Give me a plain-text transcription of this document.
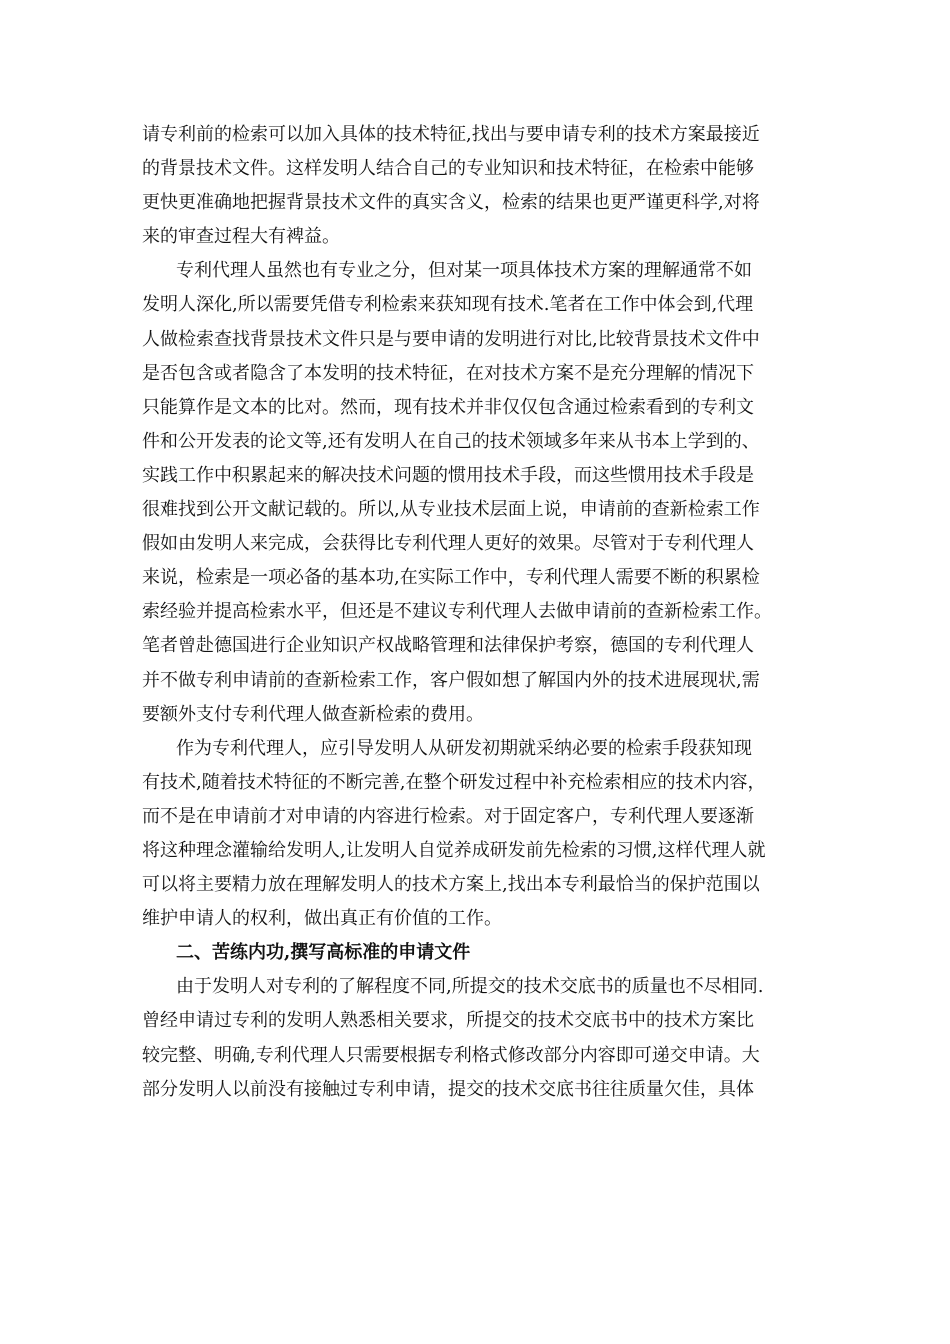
请专利前的检索可以加入具体的技术特征,找出与要申请专利的技术方案最接近
的背景技术文件。这样发明人结合自己的专业知识和技术特征，在检索中能够
更快更准确地把握背景技术文件的真实含义，检索的结果也更严谨更科学,对将
来的审查过程大有裨益。
专利代理人虽然也有专业之分，但对某一项具体技术方案的理解通常不如
发明人深化,所以需要凭借专利检索来获知现有技术.笔者在工作中体会到,代理
人做检索查找背景技术文件只是与要申请的发明进行对比,比较背景技术文件中
是否包含或者隐含了本发明的技术特征，在对技术方案不是充分理解的情况下
只能算作是文本的比对。然而，现有技术并非仅仅包含通过检索看到的专利文
件和公开发表的论文等,还有发明人在自己的技术领域多年来从书本上学到的、
实践工作中积累起来的解决技术问题的惯用技术手段，而这些惯用技术手段是
很难找到公开文献记载的。所以,从专业技术层面上说，申请前的查新检索工作
假如由发明人来完成，会获得比专利代理人更好的效果。尽管对于专利代理人
来说，检索是一项必备的基本功,在实际工作中，专利代理人需要不断的积累检
索经验并提高检索水平，但还是不建议专利代理人去做申请前的查新检索工作。
笔者曾赴德国进行企业知识产权战略管理和法律保护考察，德国的专利代理人
并不做专利申请前的查新检索工作，客户假如想了解国内外的技术进展现状,需
要额外支付专利代理人做查新检索的费用。
作为专利代理人，应引导发明人从研发初期就采纳必要的检索手段获知现
有技术,随着技术特征的不断完善,在整个研发过程中补充检索相应的技术内容，
而不是在申请前才对申请的内容进行检索。对于固定客户，专利代理人要逐渐
将这种理念灌输给发明人,让发明人自觉养成研发前先检索的习惯,这样代理人就
可以将主要精力放在理解发明人的技术方案上,找出本专利最恰当的保护范围以
维护申请人的权利，做出真正有价值的工作。
二、苦练内功,撰写高标准的申请文件
由于发明人对专利的了解程度不同,所提交的技术交底书的质量也不尽相同.
曾经申请过专利的发明人熟悉相关要求，所提交的技术交底书中的技术方案比
较完整、明确,专利代理人只需要根据专利格式修改部分内容即可递交申请。大
部分发明人以前没有接触过专利申请，提交的技术交底书往往质量欠佳，具体
